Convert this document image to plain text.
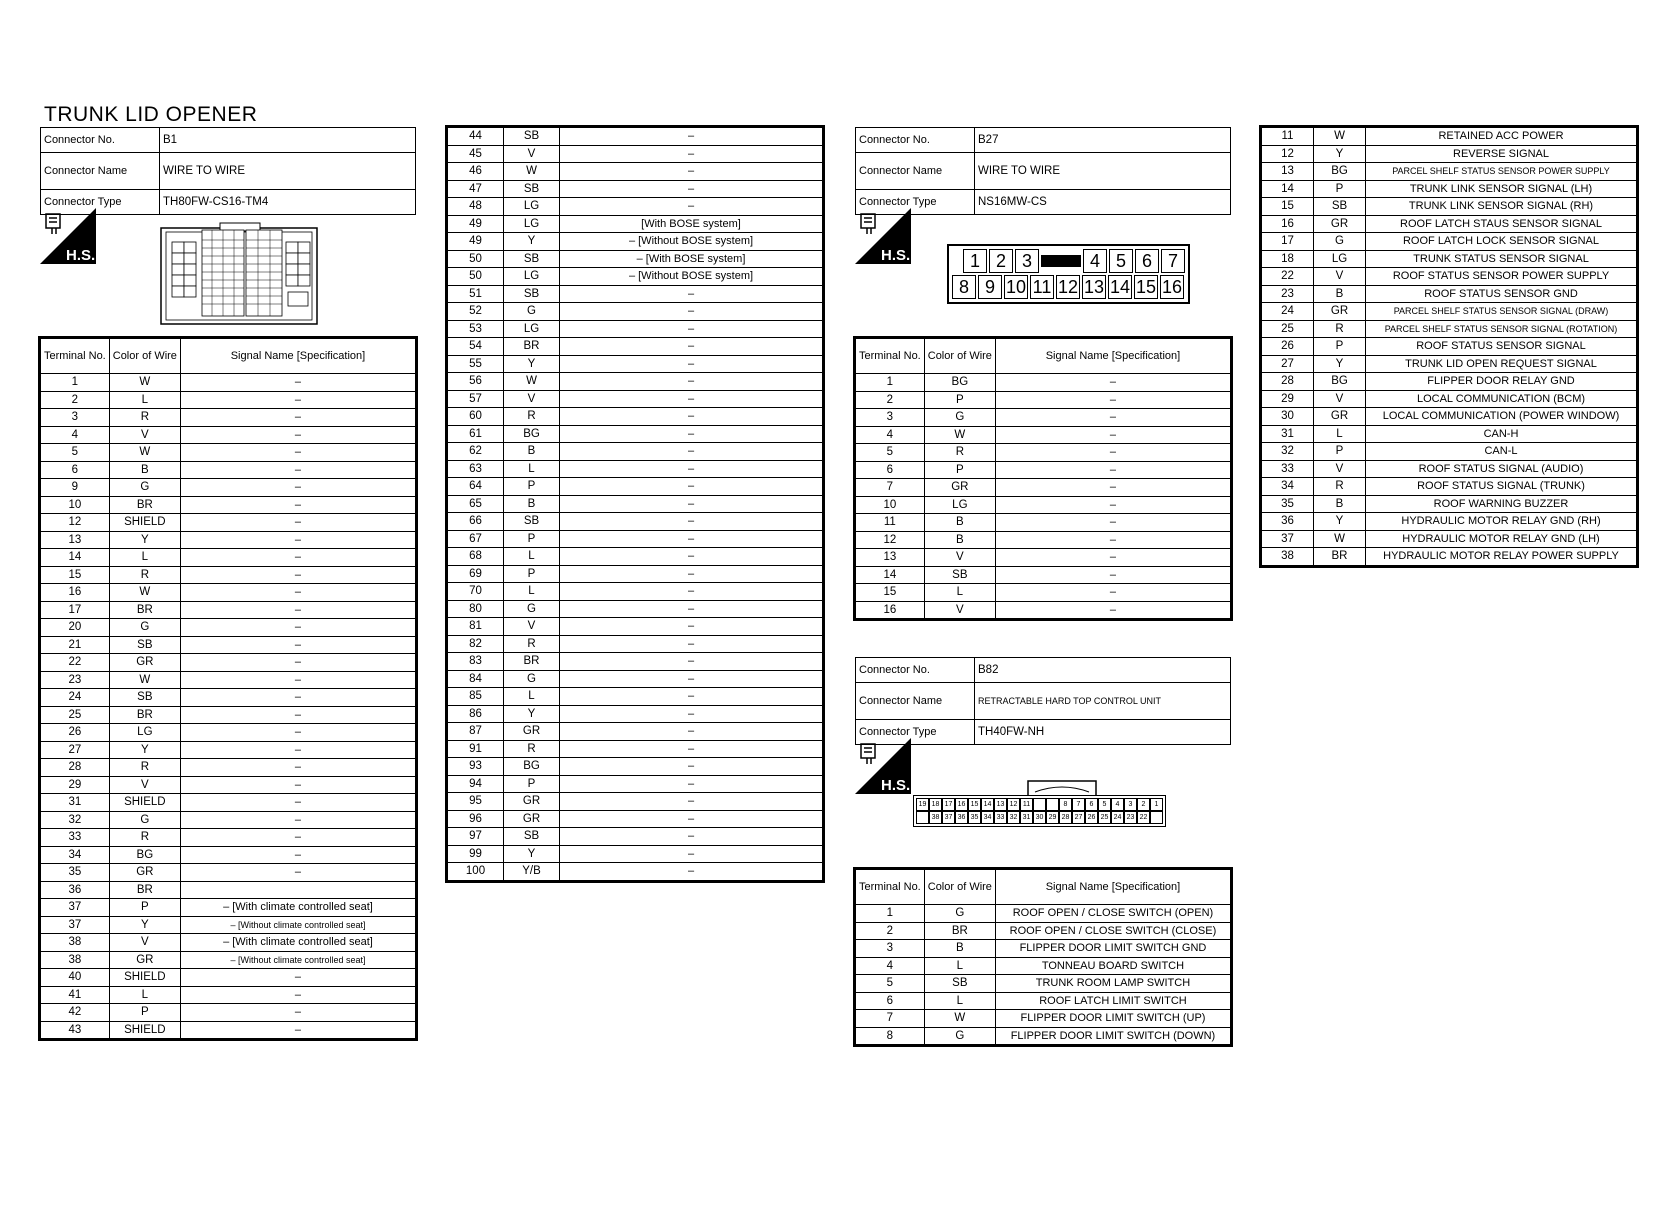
TRUNK LID OPENER
Connector No.	B1
Connector Name	WIRE TO WIRE
Connector Type	TH80FW-CS16-TM4
H.S.
Terminal No.	Color of Wire	Signal Name [Specification]
1	W	–
2	L	–
3	R	–
4	V	–
5	W	–
6	B	–
9	G	–
10	BR	–
12	SHIELD	–
13	Y	–
14	L	–
15	R	–
16	W	–
17	BR	–
20	G	–
21	SB	–
22	GR	–
23	W	–
24	SB	–
25	BR	–
26	LG	–
27	Y	–
28	R	–
29	V	–
31	SHIELD	–
32	G	–
33	R	–
34	BG	–
35	GR	–
36	BR	
37	P	– [With climate controlled seat]
37	Y	– [Without climate controlled seat]
38	V	– [With climate controlled seat]
38	GR	– [Without climate controlled seat]
40	SHIELD	–
41	L	–
42	P	–
43	SHIELD	–
44	SB	–
45	V	–
46	W	–
47	SB	–
48	LG	–
49	LG	[With BOSE system]
49	Y	– [Without BOSE system]
50	SB	– [With BOSE system]
50	LG	– [Without BOSE system]
51	SB	–
52	G	–
53	LG	–
54	BR	–
55	Y	–
56	W	–
57	V	–
60	R	–
61	BG	–
62	B	–
63	L	–
64	P	–
65	B	–
66	SB	–
67	P	–
68	L	–
69	P	–
70	L	–
80	G	–
81	V	–
82	R	–
83	BR	–
84	G	–
85	L	–
86	Y	–
87	GR	–
91	R	–
93	BG	–
94	P	–
95	GR	–
96	GR	–
97	SB	–
99	Y	–
100	Y/B	–
Connector No.	B27
Connector Name	WIRE TO WIRE
Connector Type	NS16MW-CS
H.S.	1 2 3	4 5 6 7
8 9 10 11 12 13 14 15 16
Terminal No.	Color of Wire	Signal Name [Specification]
1	BG	–
2	P	–
3	G	–
4	W	–
5	R	–
6	P	–
7	GR	–
10	LG	–
11	B	–
12	B	–
13	V	–
14	SB	–
15	L	–
16	V	–
Connector No.	B82
Connector Name	RETRACTABLE HARD TOP CONTROL UNIT
Connector Type	TH40FW-NH
H.S.
19 18 17 16 15 14 13 12 11	8	7	6	5	4	3	2	1
38 37 36 35 34 33 32 31 30 29 28 27 26 25 24 23 22
Terminal No.	Color of Wire	Signal Name [Specification]
1	G	ROOF OPEN / CLOSE SWITCH (OPEN)
2	BR	ROOF OPEN / CLOSE SWITCH (CLOSE)
3	B	FLIPPER DOOR LIMIT SWITCH GND
4	L	TONNEAU BOARD SWITCH
5	SB	TRUNK ROOM LAMP SWITCH
6	L	ROOF LATCH LIMIT SWITCH
7	W	FLIPPER DOOR LIMIT SWITCH (UP)
8	G	FLIPPER DOOR LIMIT SWITCH (DOWN)
11	W	RETAINED ACC POWER
12	Y	REVERSE SIGNAL
13	BG	PARCEL SHELF STATUS SENSOR POWER SUPPLY
14	P	TRUNK LINK SENSOR SIGNAL (LH)
15	SB	TRUNK LINK SENSOR SIGNAL (RH)
16	GR	ROOF LATCH STAUS SENSOR SIGNAL
17	G	ROOF LATCH LOCK SENSOR SIGNAL
18	LG	TRUNK STATUS SENSOR SIGNAL
22	V	ROOF STATUS SENSOR POWER SUPPLY
23	B	ROOF STATUS SENSOR GND
24	GR	PARCEL SHELF STATUS SENSOR SIGNAL (DRAW)
25	R	PARCEL SHELF STATUS SENSOR SIGNAL (ROTATION)
26	P	ROOF STATUS SENSOR SIGNAL
27	Y	TRUNK LID OPEN REQUEST SIGNAL
28	BG	FLIPPER DOOR RELAY GND
29	V	LOCAL COMMUNICATION (BCM)
30	GR	LOCAL COMMUNICATION (POWER WINDOW)
31	L	CAN-H
32	P	CAN-L
33	V	ROOF STATUS SIGNAL (AUDIO)
34	R	ROOF STATUS SIGNAL (TRUNK)
35	B	ROOF WARNING BUZZER
36	Y	HYDRAULIC MOTOR RELAY GND (RH)
37	W	HYDRAULIC MOTOR RELAY GND (LH)
38	BR	HYDRAULIC MOTOR RELAY POWER SUPPLY
